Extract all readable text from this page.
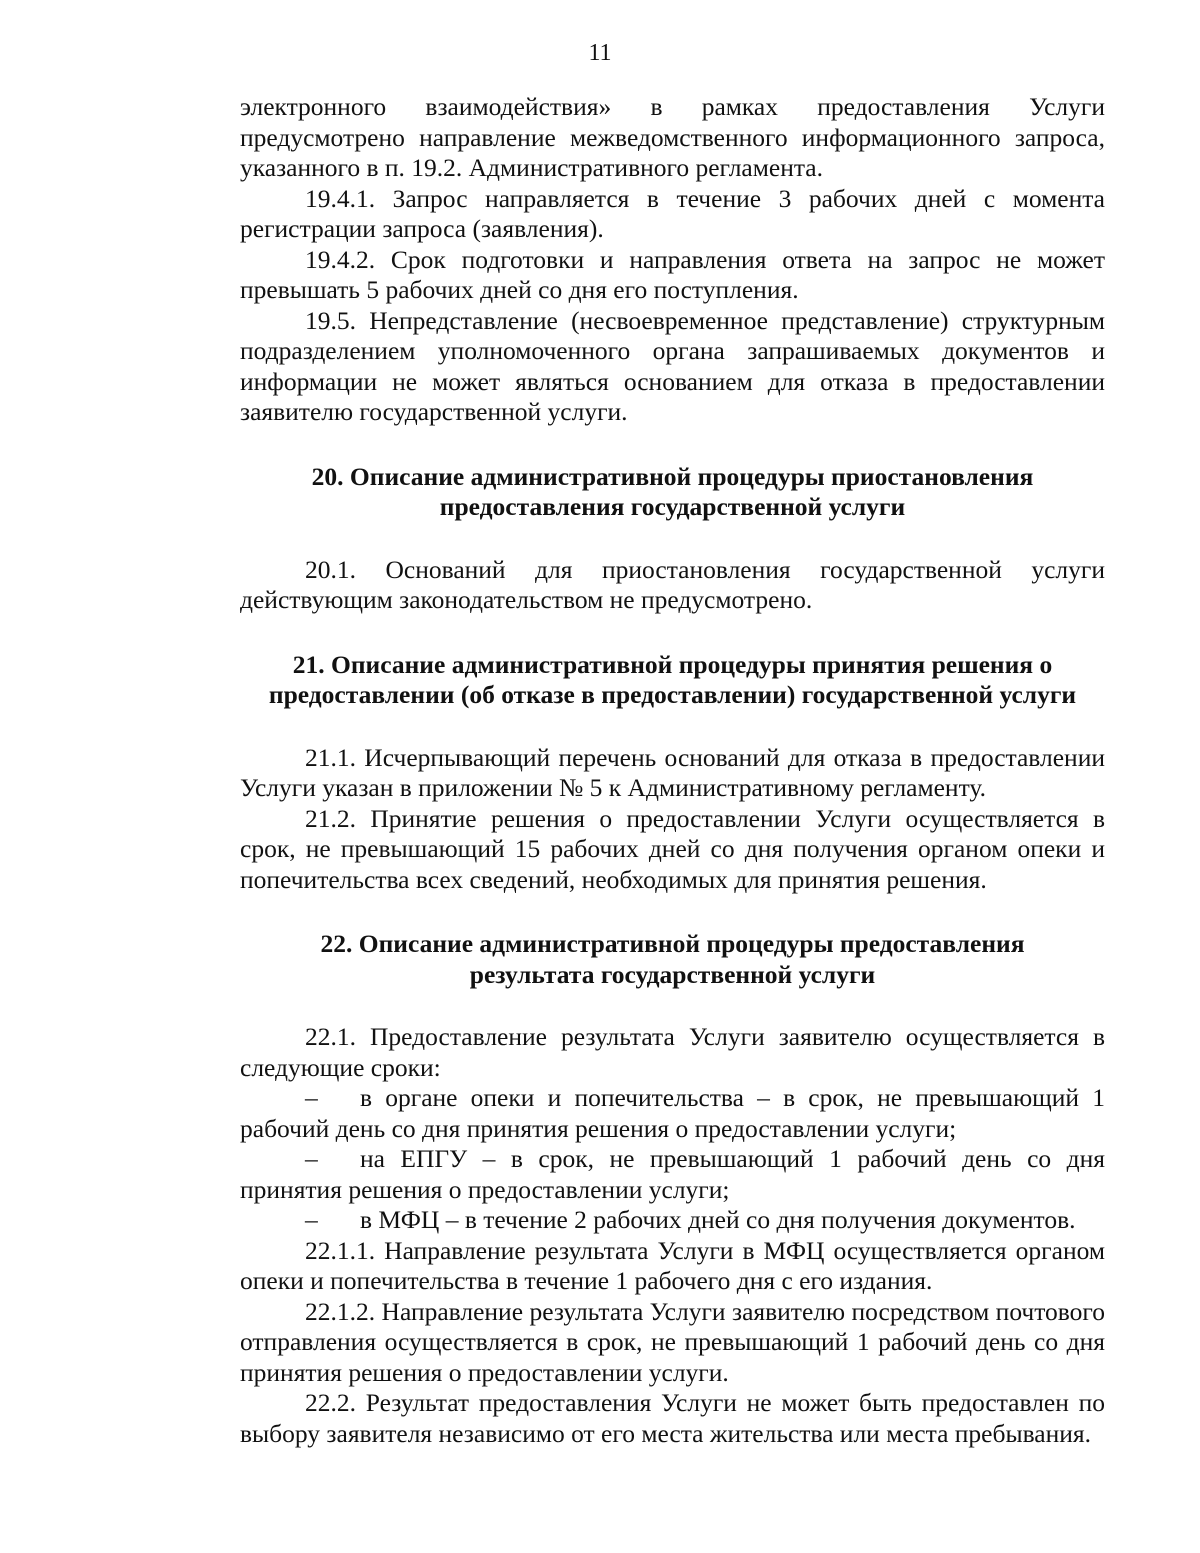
11

электронного взаимодействия» в рамках предоставления Услуги предусмотрено направление межведомственного информационного запроса, указанного в п. 19.2. Административного регламента.

19.4.1. Запрос направляется в течение 3 рабочих дней с момента регистрации запроса (заявления).

19.4.2. Срок подготовки и направления ответа на запрос не может превышать 5 рабочих дней со дня его поступления.

19.5. Непредставление (несвоевременное представление) структурным подразделением уполномоченного органа запрашиваемых документов и информации не может являться основанием для отказа в предоставлении заявителю государственной услуги.

20. Описание административной процедуры приостановления
предоставления государственной услуги

20.1. Оснований для приостановления государственной услуги действующим законодательством не предусмотрено.

21. Описание административной процедуры принятия решения о
предоставлении (об отказе в предоставлении) государственной услуги

21.1. Исчерпывающий перечень оснований для отказа в предоставлении Услуги указан в приложении № 5 к Административному регламенту.

21.2. Принятие решения о предоставлении Услуги осуществляется в срок, не превышающий 15 рабочих дней со дня получения органом опеки и попечительства всех сведений, необходимых для принятия решения.

22. Описание административной процедуры предоставления
результата государственной услуги

22.1. Предоставление результата Услуги заявителю осуществляется в следующие сроки:

– в органе опеки и попечительства – в срок, не превышающий 1 рабочий день со дня принятия решения о предоставлении услуги;

– на ЕПГУ – в срок, не превышающий 1 рабочий день со дня принятия решения о предоставлении услуги;

– в МФЦ – в течение 2 рабочих дней со дня получения документов.

22.1.1. Направление результата Услуги в МФЦ осуществляется органом опеки и попечительства в течение 1 рабочего дня с его издания.

22.1.2. Направление результата Услуги заявителю посредством почтового отправления осуществляется в срок, не превышающий 1 рабочий день со дня принятия решения о предоставлении услуги.

22.2. Результат предоставления Услуги не может быть предоставлен по выбору заявителя независимо от его места жительства или места пребывания.
